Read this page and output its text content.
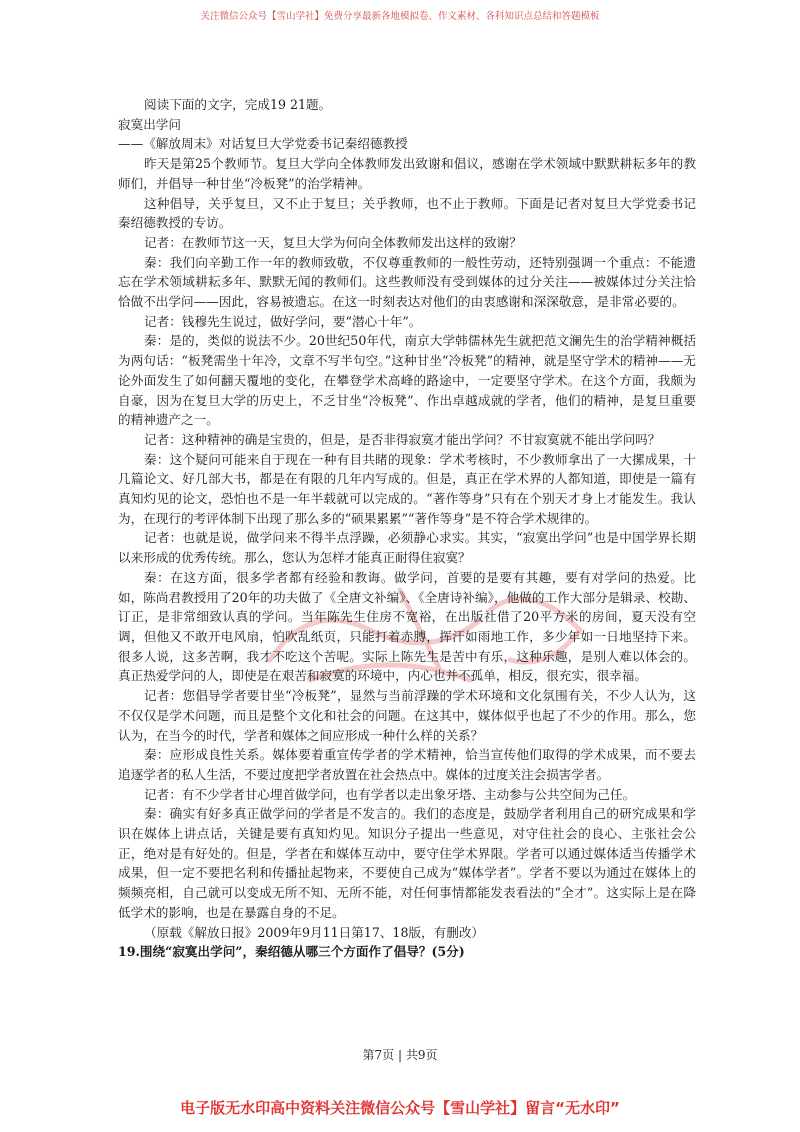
关注微信公众号【雪山学社】免费分享最新各地模拟卷、作文素材、各科知识点总结和答题模板

阅读下面的文字，完成19 21题。

寂寞出学问

——《解放周末》对话复旦大学党委书记秦绍德教授

昨天是第25个教师节。复旦大学向全体教师发出致谢和倡议，感谢在学术领域中默默耕耘多年的教师们，并倡导一种甘坐“冷板凳”的治学精神。

这种倡导，关乎复旦，又不止于复旦；关乎教师，也不止于教师。下面是记者对复旦大学党委书记秦绍德教授的专访。

记者：在教师节这一天，复旦大学为何向全体教师发出这样的致谢？

秦：我们向辛勤工作一年的教师致敬，不仅尊重教师的一般性劳动，还特别强调一个重点：不能遗忘在学术领域耕耘多年、默默无闻的教师们。这些教师没有受到媒体的过分关注——被媒体过分关注恰恰做不出学问——因此，容易被遗忘。在这一时刻表达对他们的由衷感谢和深深敬意，是非常必要的。

记者：钱穆先生说过，做好学问，要“潜心十年”。

秦：是的，类似的说法不少。20世纪50年代，南京大学韩儒林先生就把范文澜先生的治学精神概括为两句话：“板凳需坐十年冷，文章不写半句空。”这种甘坐“冷板凳”的精神，就是坚守学术的精神——无论外面发生了如何翻天覆地的变化，在攀登学术高峰的路途中，一定要坚守学术。在这个方面，我颇为自豪，因为在复旦大学的历史上，不乏甘坐“冷板凳”、作出卓越成就的学者，他们的精神，是复旦重要的精神遗产之一。

记者：这种精神的确是宝贵的，但是，是否非得寂寞才能出学问？不甘寂寞就不能出学问吗？

秦：这个疑问可能来自于现在一种有目共睹的现象：学术考核时，不少教师拿出了一大摞成果，十几篇论文、好几部大书，都是在有限的几年内写成的。但是，真正在学术界的人都知道，即使是一篇有真知灼见的论文，恐怕也不是一年半载就可以完成的。“著作等身”只有在个别天才身上才能发生。我认为，在现行的考评体制下出现了那么多的“硕果累累”“著作等身”是不符合学术规律的。

记者：也就是说，做学问来不得半点浮躁，必须静心求实。其实，“寂寞出学问”也是中国学界长期以来形成的优秀传统。那么，您认为怎样才能真正耐得住寂寞？

秦：在这方面，很多学者都有经验和教诲。做学问，首要的是要有其趣，要有对学问的热爱。比如，陈尚君教授用了20年的功夫做了《全唐文补编》、《全唐诗补编》，他做的工作大部分是辑录、校勘、订正，是非常细致认真的学问。当年陈先生住房不宽裕，在出版社借了20平方米的房间，夏天没有空调，但他又不敢开电风扇，怕吹乱纸页，只能打着赤膊，挥汗如雨地工作，多少年如一日地坚持下来。很多人说，这多苦啊，我才不吃这个苦呢。实际上陈先生是苦中有乐，这种乐趣，是别人难以体会的。真正热爱学问的人，即使是在艰苦和寂寞的环境中，内心也并不孤单，相反，很充实，很幸福。

记者：您倡导学者要甘坐“冷板凳”，显然与当前浮躁的学术环境和文化氛围有关，不少人认为，这不仅仅是学术问题，而且是整个文化和社会的问题。在这其中，媒体似乎也起了不少的作用。那么，您认为，在当今的时代，学者和媒体之间应形成一种什么样的关系？

秦：应形成良性关系。媒体要着重宣传学者的学术精神，恰当宣传他们取得的学术成果，而不要去追逐学者的私人生活，不要过度把学者放置在社会热点中。媒体的过度关注会损害学者。

记者：有不少学者甘心埋首做学问，也有学者以走出象牙塔、主动参与公共空间为己任。

秦：确实有好多真正做学问的学者是不发言的。我们的态度是，鼓励学者利用自己的研究成果和学识在媒体上讲点话，关键是要有真知灼见。知识分子提出一些意见，对守住社会的良心、主张社会公正，绝对是有好处的。但是，学者在和媒体互动中，要守住学术界限。学者可以通过媒体适当传播学术成果，但一定不要把名利和传播扯起物来，不要使自己成为“媒体学者”。学者不要以为通过在媒体上的频频亮相，自己就可以变成无所不知、无所不能，对任何事情都能发表看法的“全才”。这实际上是在降低学术的影响，也是在暴露自身的不足。

（原载《解放日报》2009年9月11日第17、18版，有删改）

19.围绕“寂寞出学问”，秦绍德从哪三个方面作了倡导？(5分)

第7页 | 共9页
电子版无水印高中资料关注微信公众号【雪山学社】留言“无水印”
